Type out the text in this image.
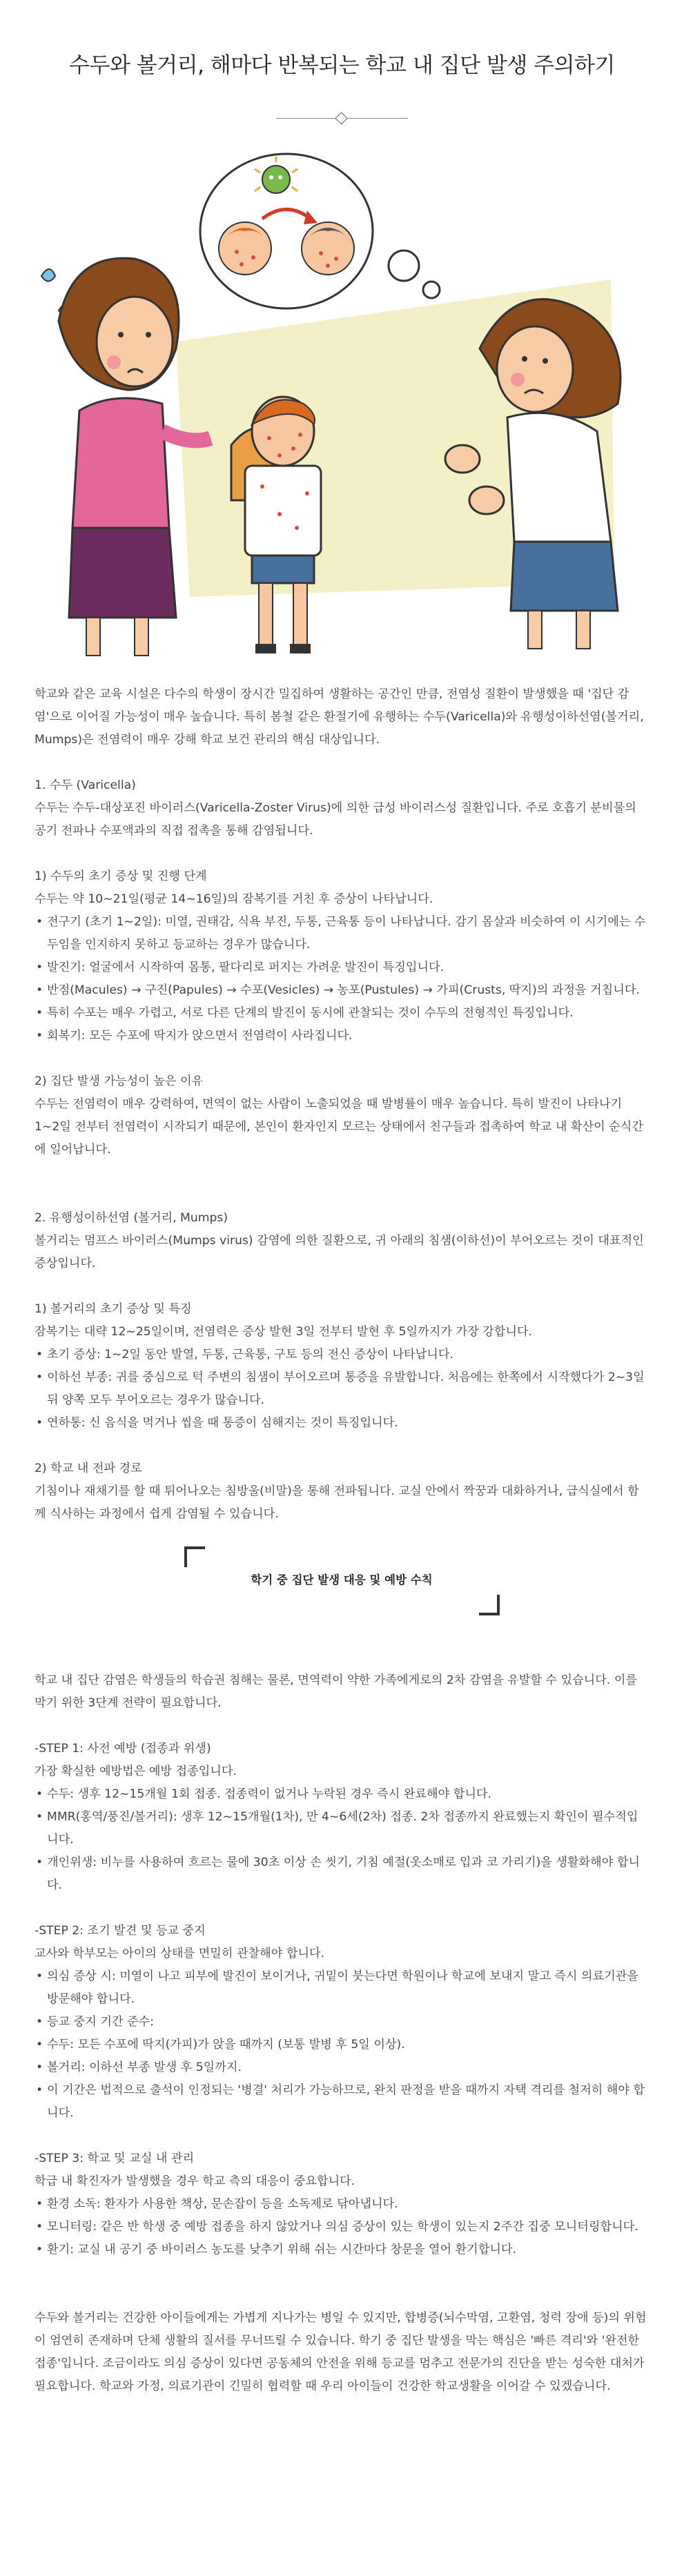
수두와 볼거리, 해마다 반복되는 학교 내 집단 발생 주의하기

학교와 같은 교육 시설은 다수의 학생이 장시간 밀집하여 생활하는 공간인 만큼, 전염성 질환이 발생했을 때 '집단 감염'으로 이어질 가능성이 매우 높습니다. 특히 봄철 같은 환절기에 유행하는 수두(Varicella)와 유행성이하선염(볼거리, Mumps)은 전염력이 매우 강해 학교 보건 관리의 핵심 대상입니다.

1. 수두 (Varicella)

수두는 수두-대상포진 바이러스(Varicella-Zoster Virus)에 의한 급성 바이러스성 질환입니다. 주로 호흡기 분비물의 공기 전파나 수포액과의 직접 접촉을 통해 감염됩니다.

1) 수두의 초기 증상 및 진행 단계

수두는 약 10~21일(평균 14~16일)의 잠복기를 거친 후 증상이 나타납니다.

• 전구기 (초기 1~2일): 미열, 권태감, 식욕 부진, 두통, 근육통 등이 나타납니다. 감기 몸살과 비슷하여 이 시기에는 수두임을 인지하지 못하고 등교하는 경우가 많습니다.
• 발진기: 얼굴에서 시작하여 몸통, 팔다리로 퍼지는 가려운 발진이 특징입니다.
• 반점(Macules) → 구진(Papules) → 수포(Vesicles) → 농포(Pustules) → 가피(Crusts, 딱지)의 과정을 거칩니다.
• 특히 수포는 매우 가렵고, 서로 다른 단계의 발진이 동시에 관찰되는 것이 수두의 전형적인 특징입니다.
• 회복기: 모든 수포에 딱지가 앉으면서 전염력이 사라집니다.

2) 집단 발생 가능성이 높은 이유

수두는 전염력이 매우 강력하여, 면역이 없는 사람이 노출되었을 때 발병률이 매우 높습니다. 특히 발진이 나타나기 1~2일 전부터 전염력이 시작되기 때문에, 본인이 환자인지 모르는 상태에서 친구들과 접촉하여 학교 내 확산이 순식간에 일어납니다.

2. 유행성이하선염 (볼거리, Mumps)

볼거리는 멈프스 바이러스(Mumps virus) 감염에 의한 질환으로, 귀 아래의 침샘(이하선)이 부어오르는 것이 대표적인 증상입니다.

1) 볼거리의 초기 증상 및 특징

잠복기는 대략 12~25일이며, 전염력은 증상 발현 3일 전부터 발현 후 5일까지가 가장 강합니다.

• 초기 증상: 1~2일 동안 발열, 두통, 근육통, 구토 등의 전신 증상이 나타납니다.
• 이하선 부종: 귀를 중심으로 턱 주변의 침샘이 부어오르며 통증을 유발합니다. 처음에는 한쪽에서 시작했다가 2~3일 뒤 양쪽 모두 부어오르는 경우가 많습니다.
• 연하통: 신 음식을 먹거나 씹을 때 통증이 심해지는 것이 특징입니다.

2) 학교 내 전파 경로

기침이나 재채기를 할 때 튀어나오는 침방울(비말)을 통해 전파됩니다. 교실 안에서 짝꿍과 대화하거나, 급식실에서 함께 식사하는 과정에서 쉽게 감염될 수 있습니다.

학기 중 집단 발생 대응 및 예방 수칙

학교 내 집단 감염은 학생들의 학습권 침해는 물론, 면역력이 약한 가족에게로의 2차 감염을 유발할 수 있습니다. 이를 막기 위한 3단계 전략이 필요합니다.

-STEP 1: 사전 예방 (접종과 위생)

가장 확실한 예방법은 예방 접종입니다.

• 수두: 생후 12~15개월 1회 접종. 접종력이 없거나 누락된 경우 즉시 완료해야 합니다.
• MMR(홍역/풍진/볼거리): 생후 12~15개월(1차), 만 4~6세(2차) 접종. 2차 접종까지 완료했는지 확인이 필수적입니다.
• 개인위생: 비누를 사용하여 흐르는 물에 30초 이상 손 씻기, 기침 예절(옷소매로 입과 코 가리기)을 생활화해야 합니다.

-STEP 2: 조기 발견 및 등교 중지

교사와 학부모는 아이의 상태를 면밀히 관찰해야 합니다.

• 의심 증상 시: 미열이 나고 피부에 발진이 보이거나, 귀밑이 붓는다면 학원이나 학교에 보내지 말고 즉시 의료기관을 방문해야 합니다.
• 등교 중지 기간 준수:
• 수두: 모든 수포에 딱지(가피)가 앉을 때까지 (보통 발병 후 5일 이상).
• 볼거리: 이하선 부종 발생 후 5일까지.
• 이 기간은 법적으로 출석이 인정되는 '병결' 처리가 가능하므로, 완치 판정을 받을 때까지 자택 격리를 철저히 해야 합니다.

-STEP 3: 학교 및 교실 내 관리

학급 내 확진자가 발생했을 경우 학교 측의 대응이 중요합니다.

• 환경 소독: 환자가 사용한 책상, 문손잡이 등을 소독제로 닦아냅니다.
• 모니터링: 같은 반 학생 중 예방 접종을 하지 않았거나 의심 증상이 있는 학생이 있는지 2주간 집중 모니터링합니다.
• 환기: 교실 내 공기 중 바이러스 농도를 낮추기 위해 쉬는 시간마다 창문을 열어 환기합니다.

수두와 볼거리는 건강한 아이들에게는 가볍게 지나가는 병일 수 있지만, 합병증(뇌수막염, 고환염, 청력 장애 등)의 위험이 엄연히 존재하며 단체 생활의 질서를 무너뜨릴 수 있습니다. 학기 중 집단 발생을 막는 핵심은 '빠른 격리'와 '완전한 접종'입니다. 조금이라도 의심 증상이 있다면 공동체의 안전을 위해 등교를 멈추고 전문가의 진단을 받는 성숙한 대처가 필요합니다. 학교와 가정, 의료기관이 긴밀히 협력할 때 우리 아이들이 건강한 학교생활을 이어갈 수 있겠습니다.
